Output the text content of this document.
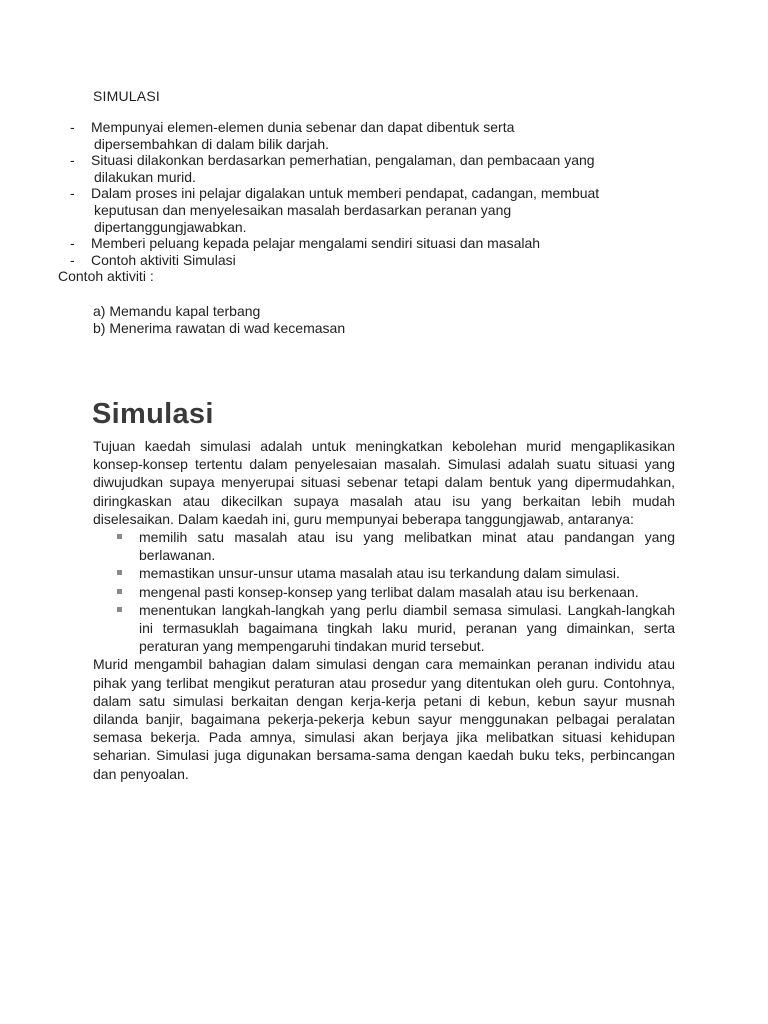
SIMULASI
- Mempunyai elemen-elemen dunia sebenar dan dapat dibentuk serta
dipersembahkan di dalam bilik darjah.
- Situasi dilakonkan berdasarkan pemerhatian, pengalaman, dan pembacaan yang
dilakukan murid.
- Dalam proses ini pelajar digalakan untuk memberi pendapat, cadangan, membuat
keputusan dan menyelesaikan masalah berdasarkan peranan yang
dipertanggungjawabkan.
- Memberi peluang kepada pelajar mengalami sendiri situasi dan masalah
- Contoh aktiviti Simulasi
Contoh aktiviti :
a) Memandu kapal terbang
b) Menerima rawatan di wad kecemasan
Simulasi

Tujuan kaedah simulasi adalah untuk meningkatkan kebolehan murid mengaplikasikan konsep-konsep tertentu dalam penyelesaian masalah. Simulasi adalah suatu situasi yang diwujudkan supaya menyerupai situasi sebenar tetapi dalam bentuk yang dipermudahkan, diringkaskan atau dikecilkan supaya masalah atau isu yang berkaitan lebih mudah diselesaikan. Dalam kaedah ini, guru mempunyai beberapa tanggungjawab, antaranya:

memilih satu masalah atau isu yang melibatkan minat atau pandangan yang berlawanan.
memastikan unsur-unsur utama masalah atau isu terkandung dalam simulasi.
mengenal pasti konsep-konsep yang terlibat dalam masalah atau isu berkenaan.
menentukan langkah-langkah yang perlu diambil semasa simulasi. Langkah-langkah ini termasuklah bagaimana tingkah laku murid, peranan yang dimainkan, serta peraturan yang mempengaruhi tindakan murid tersebut.

Murid mengambil bahagian dalam simulasi dengan cara memainkan peranan individu atau pihak yang terlibat mengikut peraturan atau prosedur yang ditentukan oleh guru. Contohnya, dalam satu simulasi berkaitan dengan kerja-kerja petani di kebun, kebun sayur musnah dilanda banjir, bagaimana pekerja-pekerja kebun sayur menggunakan pelbagai peralatan semasa bekerja. Pada amnya, simulasi akan berjaya jika melibatkan situasi kehidupan seharian. Simulasi juga digunakan bersama-sama dengan kaedah buku teks, perbincangan dan penyoalan.
